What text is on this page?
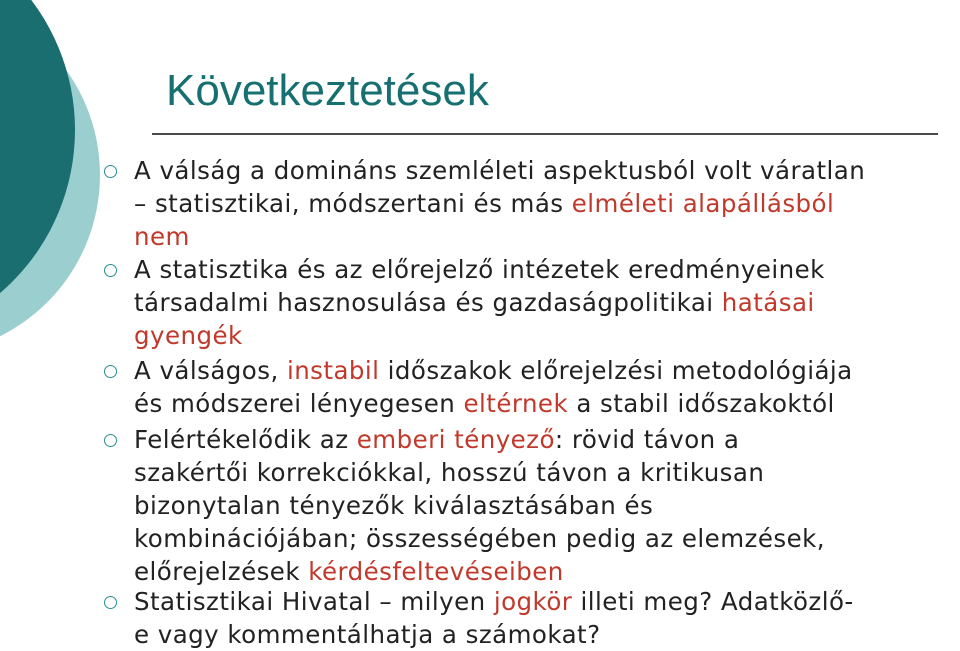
Következtetések
A válság a domináns szemléleti aspektusból volt váratlan
– statisztikai, módszertani és más elméleti alapállásból
nem
A statisztika és az előrejelző intézetek eredményeinek
társadalmi hasznosulása és gazdaságpolitikai hatásai
gyengék
A válságos, instabil időszakok előrejelzési metodológiája
és módszerei lényegesen eltérnek a stabil időszakoktól
Felértékelődik az emberi tényező: rövid távon a
szakértői korrekciókkal, hosszú távon a kritikusan
bizonytalan tényezők kiválasztásában és
kombinációjában; összességében pedig az elemzések,
előrejelzések kérdésfeltevéseiben
Statisztikai Hivatal – milyen jogkör illeti meg? Adatközlő-
e vagy kommentálhatja a számokat?
